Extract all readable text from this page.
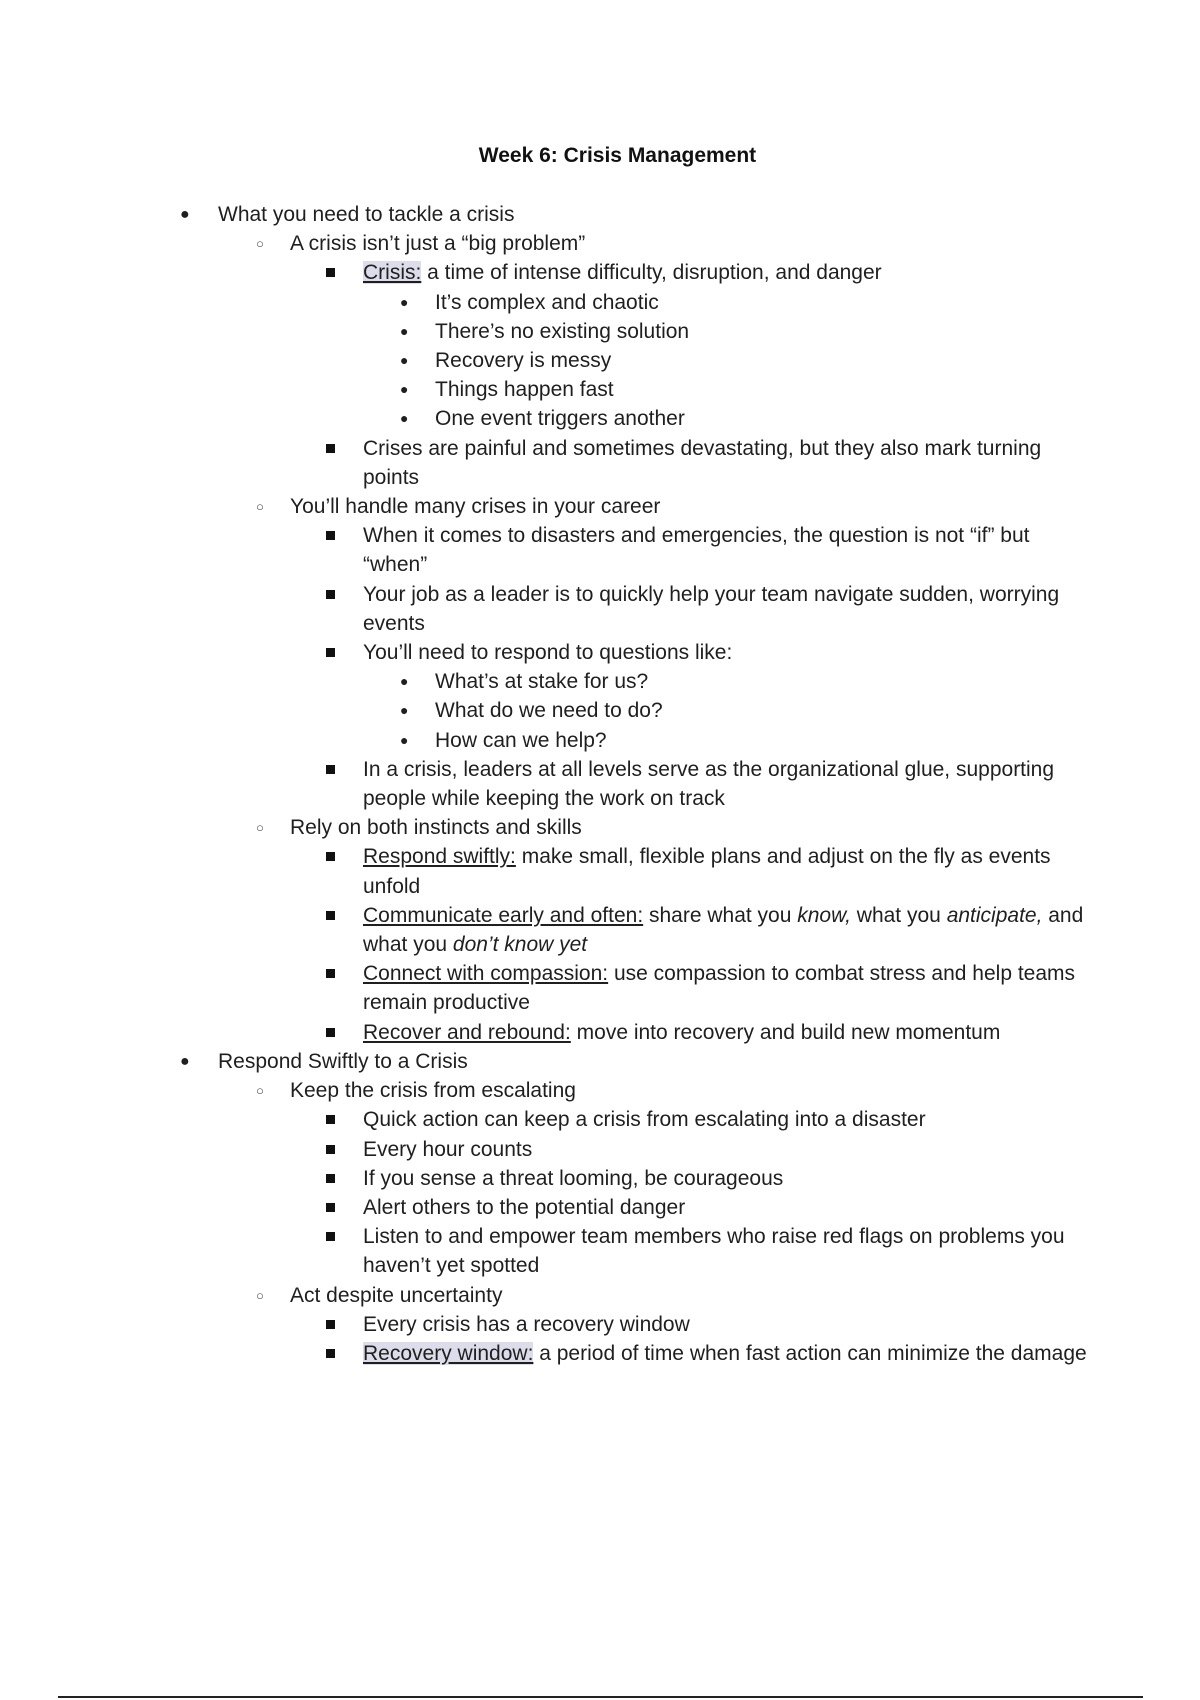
Week 6: Crisis Management
● What you need to tackle a crisis
○ A crisis isn’t just a “big problem”
Crisis: a time of intense difficulty, disruption, and danger
● It’s complex and chaotic
● There’s no existing solution
● Recovery is messy
● Things happen fast
● One event triggers another
Crises are painful and sometimes devastating, but they also mark turning points
○ You’ll handle many crises in your career
When it comes to disasters and emergencies, the question is not “if” but “when”
Your job as a leader is to quickly help your team navigate sudden, worrying events
You’ll need to respond to questions like:
● What’s at stake for us?
● What do we need to do?
● How can we help?
In a crisis, leaders at all levels serve as the organizational glue, supporting people while keeping the work on track
○ Rely on both instincts and skills
Respond swiftly: make small, flexible plans and adjust on the fly as events unfold
Communicate early and often: share what you know, what you anticipate, and what you don’t know yet
Connect with compassion: use compassion to combat stress and help teams remain productive
Recover and rebound: move into recovery and build new momentum
● Respond Swiftly to a Crisis
○ Keep the crisis from escalating
Quick action can keep a crisis from escalating into a disaster
Every hour counts
If you sense a threat looming, be courageous
Alert others to the potential danger
Listen to and empower team members who raise red flags on problems you haven’t yet spotted
○ Act despite uncertainty
Every crisis has a recovery window
Recovery window: a period of time when fast action can minimize the damage
